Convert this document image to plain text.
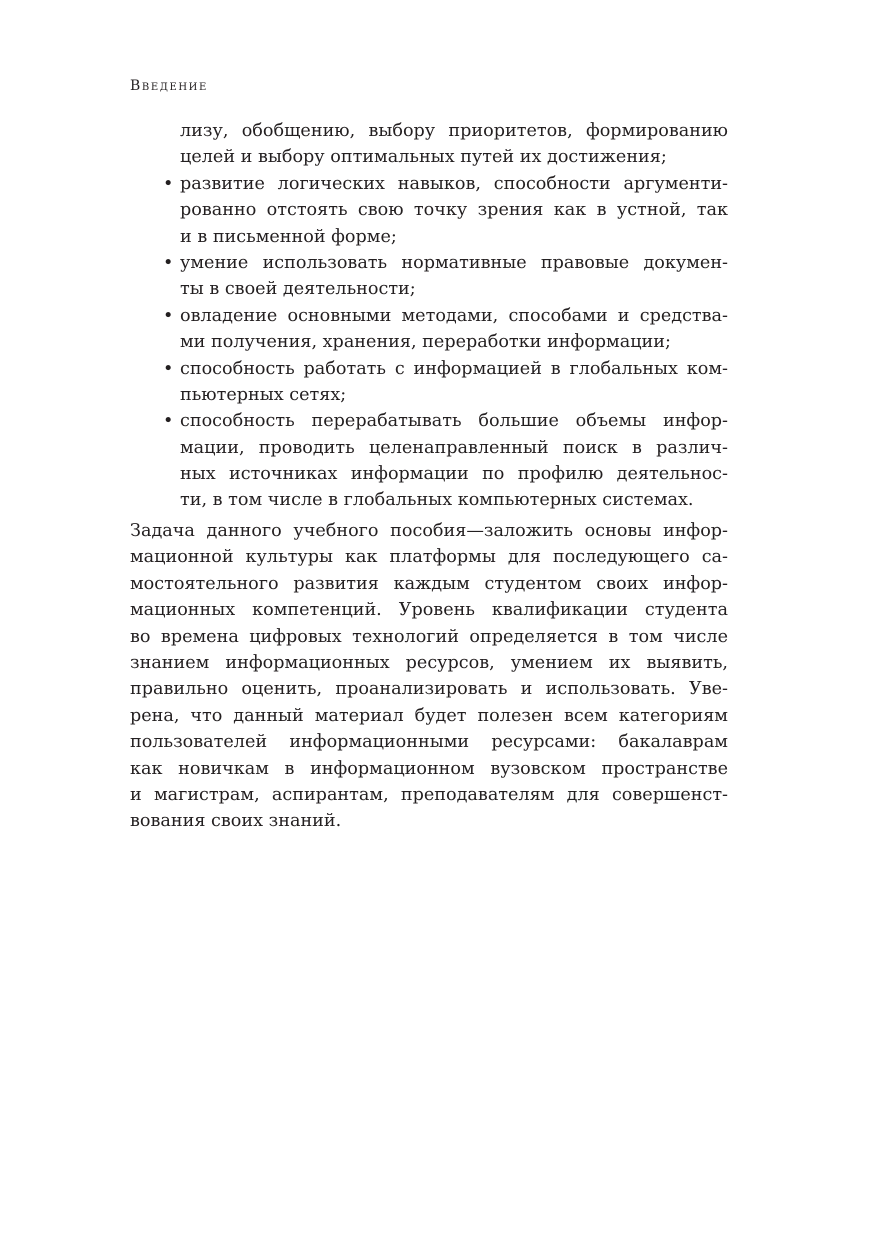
Введение
лизу, обобщению, выбору приоритетов, формированию
целей и выбору оптимальных путей их достижения;
• развитие логических навыков, способности аргументи-
рованно отстоять свою точку зрения как в устной, так
и в письменной форме;
• умение использовать нормативные правовые докумен-
ты в своей деятельности;
• овладение основными методами, способами и средства-
ми получения, хранения, переработки информации;
• способность работать с информацией в глобальных ком-
пьютерных сетях;
• способность перерабатывать большие объемы инфор-
мации, проводить целенаправленный поиск в различ-
ных источниках информации по профилю деятельнос-
ти, в том числе в глобальных компьютерных системах.
Задача данного учебного пособия—заложить основы инфор-
мационной культуры как платформы для последующего са-
мостоятельного развития каждым студентом своих инфор-
мационных компетенций. Уровень квалификации студента
во времена цифровых технологий определяется в том числе
знанием информационных ресурсов, умением их выявить,
правильно оценить, проанализировать и использовать. Уве-
рена, что данный материал будет полезен всем категориям
пользователей информационными ресурсами: бакалаврам
как новичкам в информационном вузовском пространстве
и магистрам, аспирантам, преподавателям для совершенст-
вования своих знаний.
